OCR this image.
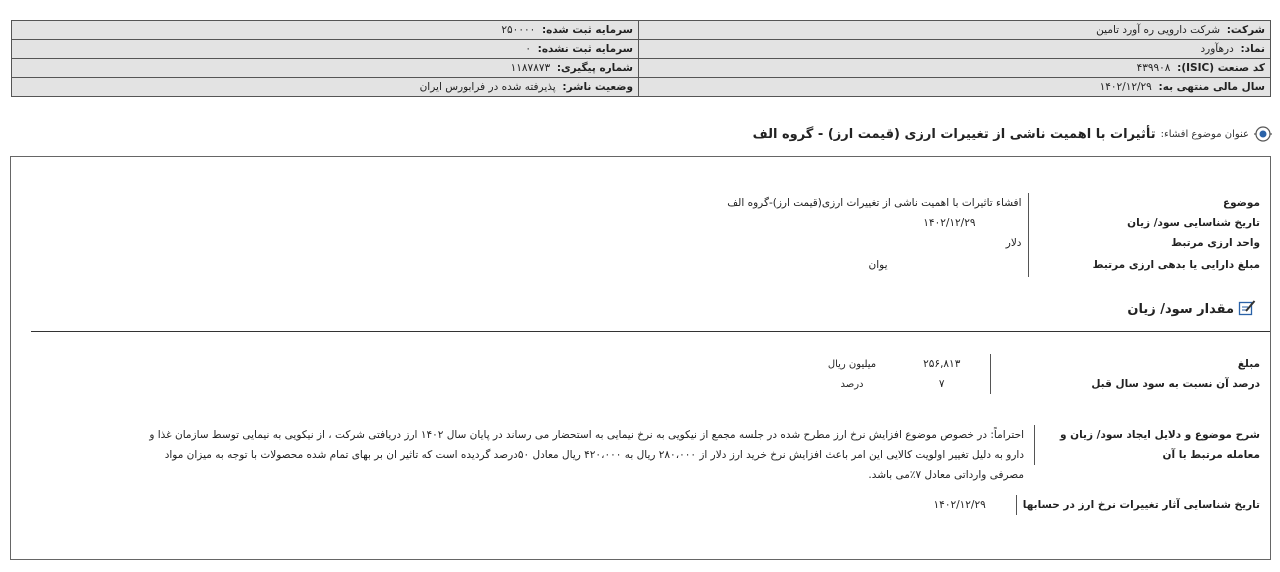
شرکت:  شرکت دارویی ره آورد تامین	سرمایه ثبت شده:  ۲۵۰۰۰۰
نماد:  درهآورد	سرمایه ثبت نشده:  ۰
کد صنعت (ISIC):  ۴۳۹۹۰۸	شماره پیگیری:  ۱۱۸۷۸۷۳
سال مالی منتهی به:  ۱۴۰۲/۱۲/۲۹	وضعیت ناشر:  پذیرفته شده در فرابورس ایران
عنوان موضوع افشاء:
تأثیرات با اهمیت ناشی از تغییرات ارزی (قیمت ارز) - گروه الف
موضوع	افشاء تاثیرات با اهمیت ناشی از تغییرات ارزی(قیمت ارز)-گروه الف
تاریخ شناسایی سود/ زیان	۱۴۰۲/۱۲/۲۹
واحد ارزی مرتبط	دلار
مبلغ دارایی یا بدهی ارزی مرتبط	یوان
مقدار سود/ زیان
مبلغ	۲۵۶,۸۱۳	میلیون ریال
درصد آن نسبت به سود سال قبل	۷	درصد
شرح موضوع و دلایل ایجاد سود/ زیان و معامله مرتبط با آن
احتراماً: در خصوص موضوع افزایش نرخ ارز مطرح شده در جلسه مجمع از نیکویی به نرخ نیمایی به استحضار می رساند در پایان سال ۱۴۰۲ ارز دریافتی شرکت ، از نیکویی به نیمایی توسط سازمان غذا و
دارو به دلیل تغییر اولویت کالایی این امر باعث افزایش نرخ خرید ارز دلار از ۲۸۰،۰۰۰ ریال به ۴۲۰،۰۰۰ ریال معادل ۵۰درصد گردیده است که تاثیر ان بر بهای تمام شده محصولات با توجه به میزان مواد
مصرفی وارداتی معادل ۷٪می باشد.
تاریخ شناسایی آثار تغییرات نرخ ارز در حسابها	۱۴۰۲/۱۲/۲۹
